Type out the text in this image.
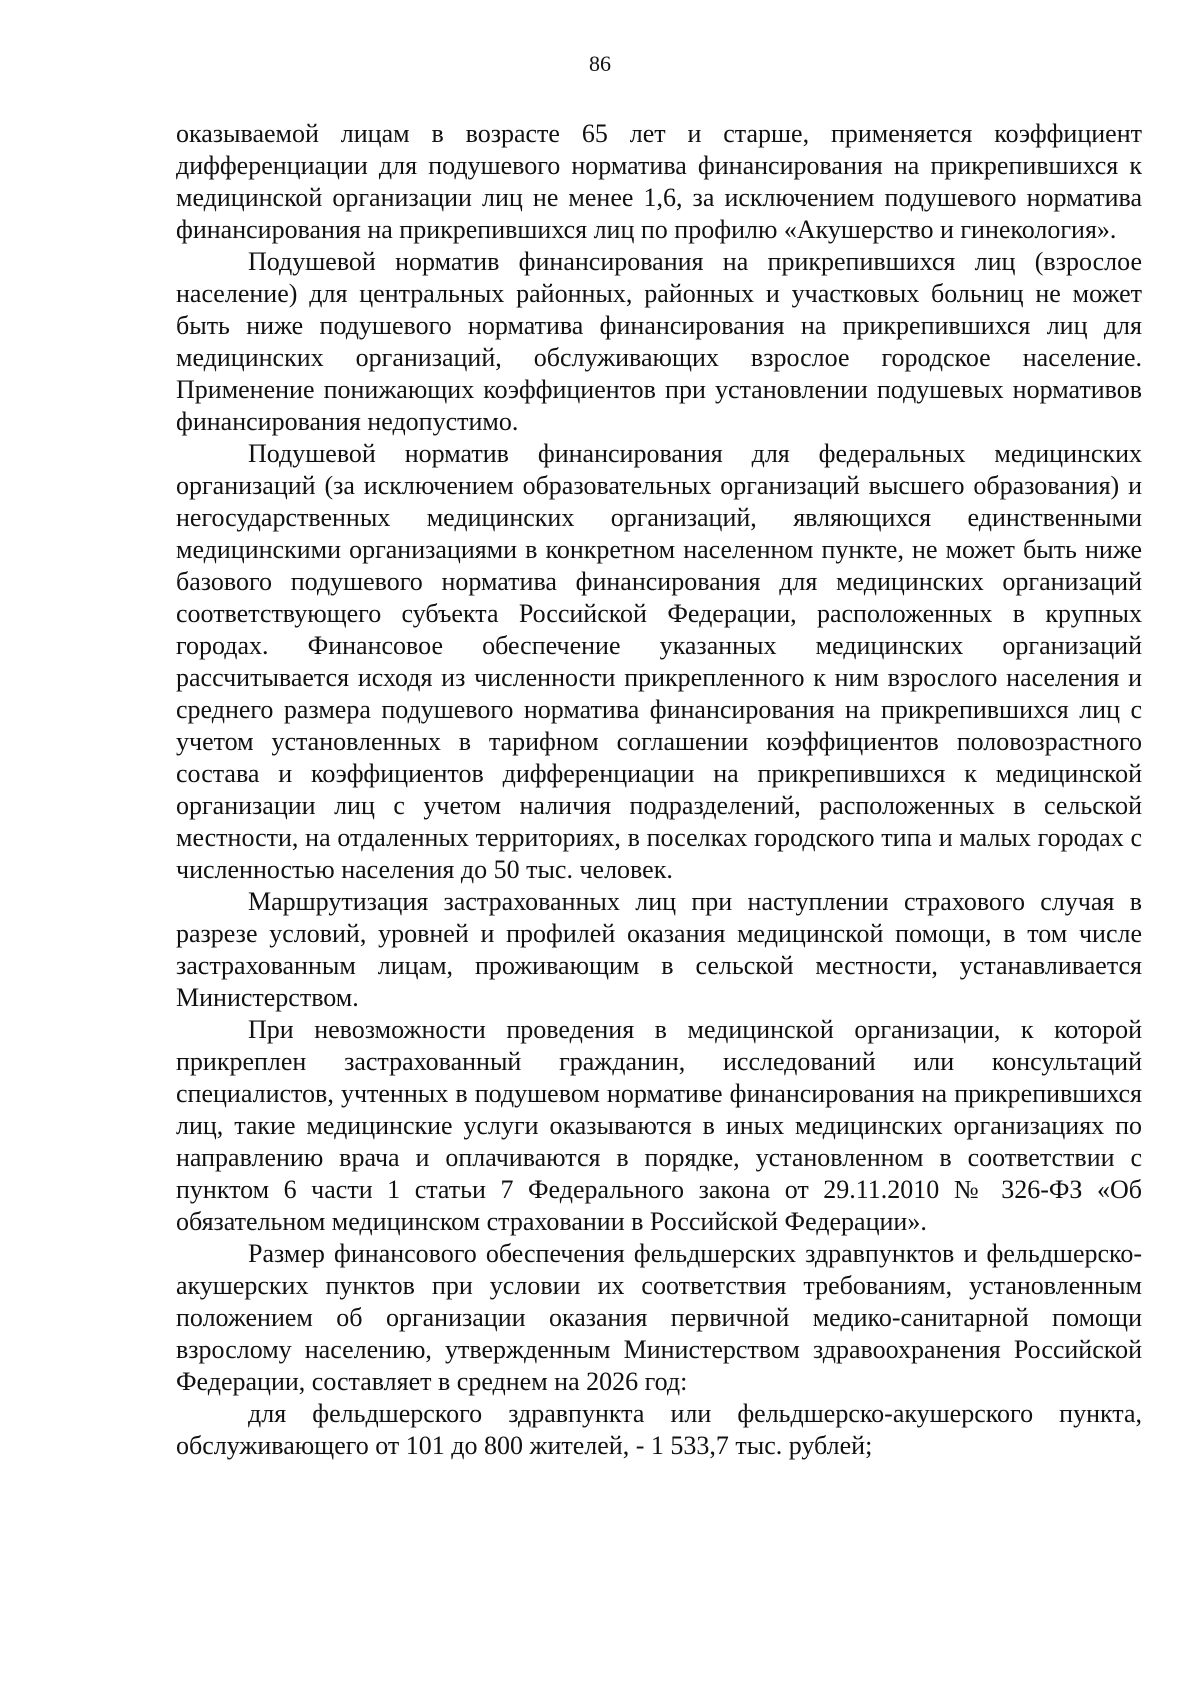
86

оказываемой лицам в возрасте 65 лет и старше, применяется коэффициент дифференциации для подушевого норматива финансирования на прикрепившихся к медицинской организации лиц не менее 1,6, за исключением подушевого норматива финансирования на прикрепившихся лиц по профилю «Акушерство и гинекология».

Подушевой норматив финансирования на прикрепившихся лиц (взрослое население) для центральных районных, районных и участковых больниц не может быть ниже подушевого норматива финансирования на прикрепившихся лиц для медицинских организаций, обслуживающих взрослое городское население. Применение понижающих коэффициентов при установлении подушевых нормативов финансирования недопустимо.

Подушевой норматив финансирования для федеральных медицинских организаций (за исключением образовательных организаций высшего образования) и негосударственных медицинских организаций, являющихся единственными медицинскими организациями в конкретном населенном пункте, не может быть ниже базового подушевого норматива финансирования для медицинских организаций соответствующего субъекта Российской Федерации, расположенных в крупных городах. Финансовое обеспечение указанных медицинских организаций рассчитывается исходя из численности прикрепленного к ним взрослого населения и среднего размера подушевого норматива финансирования на прикрепившихся лиц с учетом установленных в тарифном соглашении коэффициентов половозрастного состава и коэффициентов дифференциации на прикрепившихся к медицинской организации лиц с учетом наличия подразделений, расположенных в сельской местности, на отдаленных территориях, в поселках городского типа и малых городах с численностью населения до 50 тыс. человек.

Маршрутизация застрахованных лиц при наступлении страхового случая в разрезе условий, уровней и профилей оказания медицинской помощи, в том числе застрахованным лицам, проживающим в сельской местности, устанавливается Министерством.

При невозможности проведения в медицинской организации, к которой прикреплен застрахованный гражданин, исследований или консультаций специалистов, учтенных в подушевом нормативе финансирования на прикрепившихся лиц, такие медицинские услуги оказываются в иных медицинских организациях по направлению врача и оплачиваются в порядке, установленном в соответствии с пунктом 6 части 1 статьи 7 Федерального закона от 29.11.2010 № 326-ФЗ «Об обязательном медицинском страховании в Российской Федерации».

Размер финансового обеспечения фельдшерских здравпунктов и фельдшерско-акушерских пунктов при условии их соответствия требованиям, установленным положением об организации оказания первичной медико-санитарной помощи взрослому населению, утвержденным Министерством здравоохранения Российской Федерации, составляет в среднем на 2026 год:

для фельдшерского здравпункта или фельдшерско-акушерского пункта, обслуживающего от 101 до 800 жителей, - 1 533,7 тыс. рублей;
